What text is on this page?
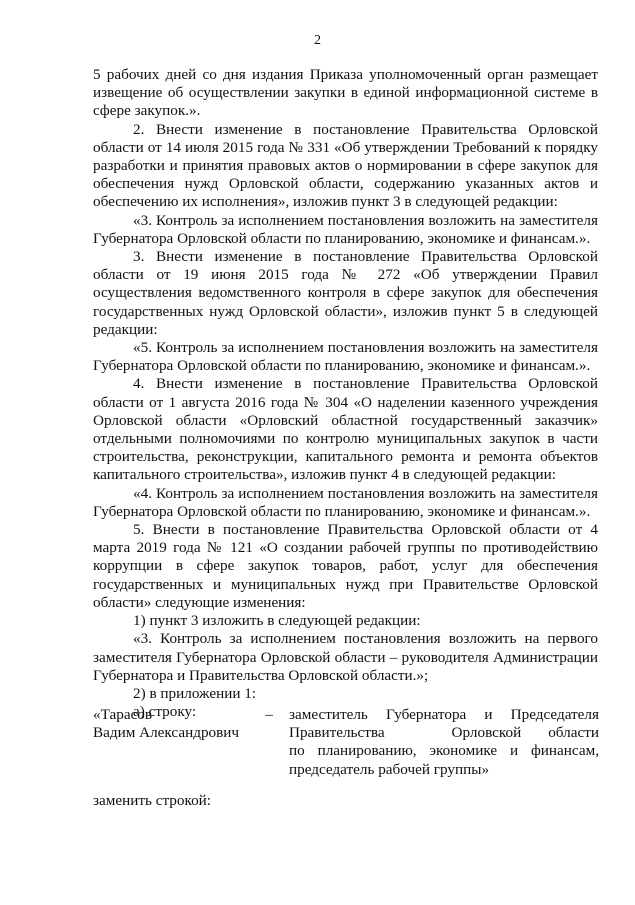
2

5 рабочих дней со дня издания Приказа уполномоченный орган размещает извещение об осуществлении закупки в единой информационной системе в сфере закупок.».

2. Внести изменение в постановление Правительства Орловской области от 14 июля 2015 года № 331 «Об утверждении Требований к порядку разработки и принятия правовых актов о нормировании в сфере закупок для обеспечения нужд Орловской области, содержанию указанных актов и обеспечению их исполнения», изложив пункт 3 в следующей редакции:

«3. Контроль за исполнением постановления возложить на заместителя Губернатора Орловской области по планированию, экономике и финансам.».

3. Внести изменение в постановление Правительства Орловской области от 19 июня 2015 года № 272 «Об утверждении Правил осуществления ведомственного контроля в сфере закупок для обеспечения государственных нужд Орловской области», изложив пункт 5 в следующей редакции:

«5. Контроль за исполнением постановления возложить на заместителя Губернатора Орловской области по планированию, экономике и финансам.».

4. Внести изменение в постановление Правительства Орловской области от 1 августа 2016 года № 304 «О наделении казенного учреждения Орловской области «Орловский областной государственный заказчик» отдельными полномочиями по контролю муниципальных закупок в части строительства, реконструкции, капитального ремонта и ремонта объектов капитального строительства», изложив пункт 4 в следующей редакции:

«4. Контроль за исполнением постановления возложить на заместителя Губернатора Орловской области по планированию, экономике и финансам.».

5. Внести в постановление Правительства Орловской области от 4 марта 2019 года № 121 «О создании рабочей группы по противодействию коррупции в сфере закупок товаров, работ, услуг для обеспечения государственных и муниципальных нужд при Правительстве Орловской области» следующие изменения:

1) пункт 3 изложить в следующей редакции:

«3. Контроль за исполнением постановления возложить на первого заместителя Губернатора Орловской области – руководителя Администрации Губернатора и Правительства Орловской области.»;

2) в приложении 1:

а) строку:

«Тарасов
Вадим Александрович
–	заместитель Губернатора и Председателя
Правительства	Орловской области
по планированию, экономике и финансам,
председатель рабочей группы»
заменить строкой:
